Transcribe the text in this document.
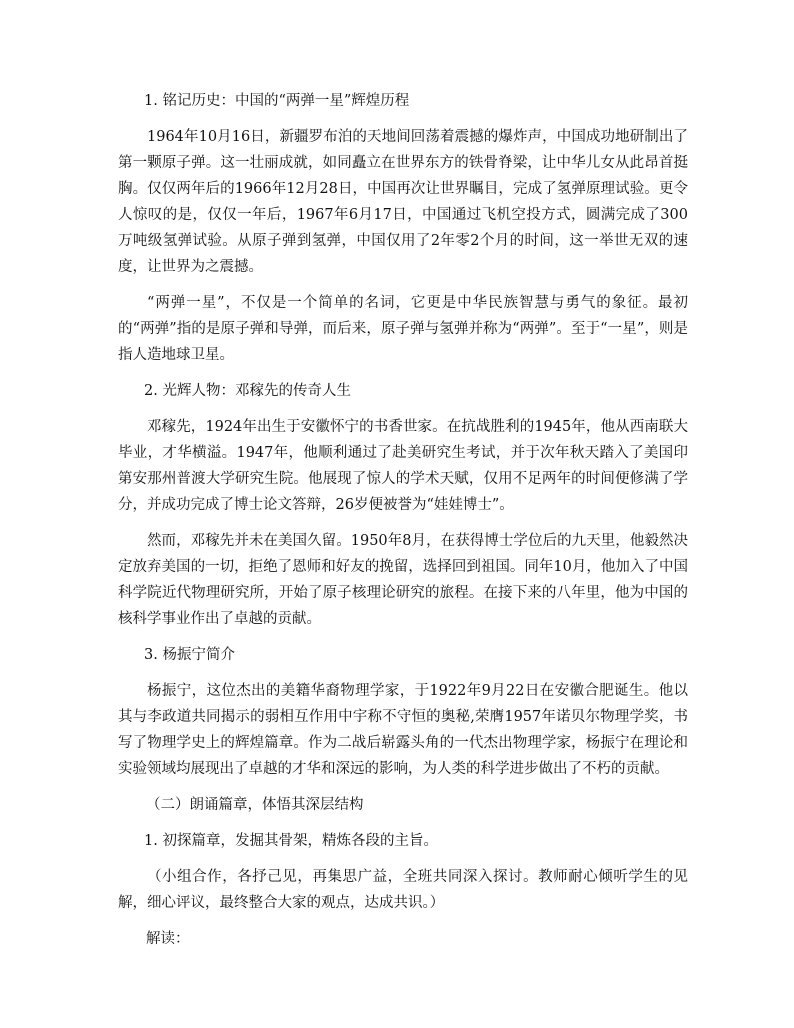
1. 铭记历史：中国的“两弹一星”辉煌历程

1964年10月16日，新疆罗布泊的天地间回荡着震撼的爆炸声，中国成功地研制出了第一颗原子弹。这一壮丽成就，如同矗立在世界东方的铁骨脊梁，让中华儿女从此昂首挺胸。仅仅两年后的1966年12月28日，中国再次让世界瞩目，完成了氢弹原理试验。更令人惊叹的是，仅仅一年后，1967年6月17日，中国通过飞机空投方式，圆满完成了300万吨级氢弹试验。从原子弹到氢弹，中国仅用了2年零2个月的时间，这一举世无双的速度，让世界为之震撼。

“两弹一星”，不仅是一个简单的名词，它更是中华民族智慧与勇气的象征。最初的“两弹”指的是原子弹和导弹，而后来，原子弹与氢弹并称为“两弹”。至于“一星”，则是指人造地球卫星。

2. 光辉人物：邓稼先的传奇人生

邓稼先，1924年出生于安徽怀宁的书香世家。在抗战胜利的1945年，他从西南联大毕业，才华横溢。1947年，他顺利通过了赴美研究生考试，并于次年秋天踏入了美国印第安那州普渡大学研究生院。他展现了惊人的学术天赋，仅用不足两年的时间便修满了学分，并成功完成了博士论文答辩，26岁便被誉为“娃娃博士”。

然而，邓稼先并未在美国久留。1950年8月，在获得博士学位后的九天里，他毅然决定放弃美国的一切，拒绝了恩师和好友的挽留，选择回到祖国。同年10月，他加入了中国科学院近代物理研究所，开始了原子核理论研究的旅程。在接下来的八年里，他为中国的核科学事业作出了卓越的贡献。

3. 杨振宁简介

杨振宁，这位杰出的美籍华裔物理学家，于1922年9月22日在安徽合肥诞生。他以其与李政道共同揭示的弱相互作用中宇称不守恒的奥秘,荣膺1957年诺贝尔物理学奖，书写了物理学史上的辉煌篇章。作为二战后崭露头角的一代杰出物理学家，杨振宁在理论和实验领域均展现出了卓越的才华和深远的影响，为人类的科学进步做出了不朽的贡献。

（二）朗诵篇章，体悟其深层结构

1. 初探篇章，发掘其骨架，精炼各段的主旨。

（小组合作，各抒己见，再集思广益，全班共同深入探讨。教师耐心倾听学生的见解，细心评议，最终整合大家的观点，达成共识。）

解读：
